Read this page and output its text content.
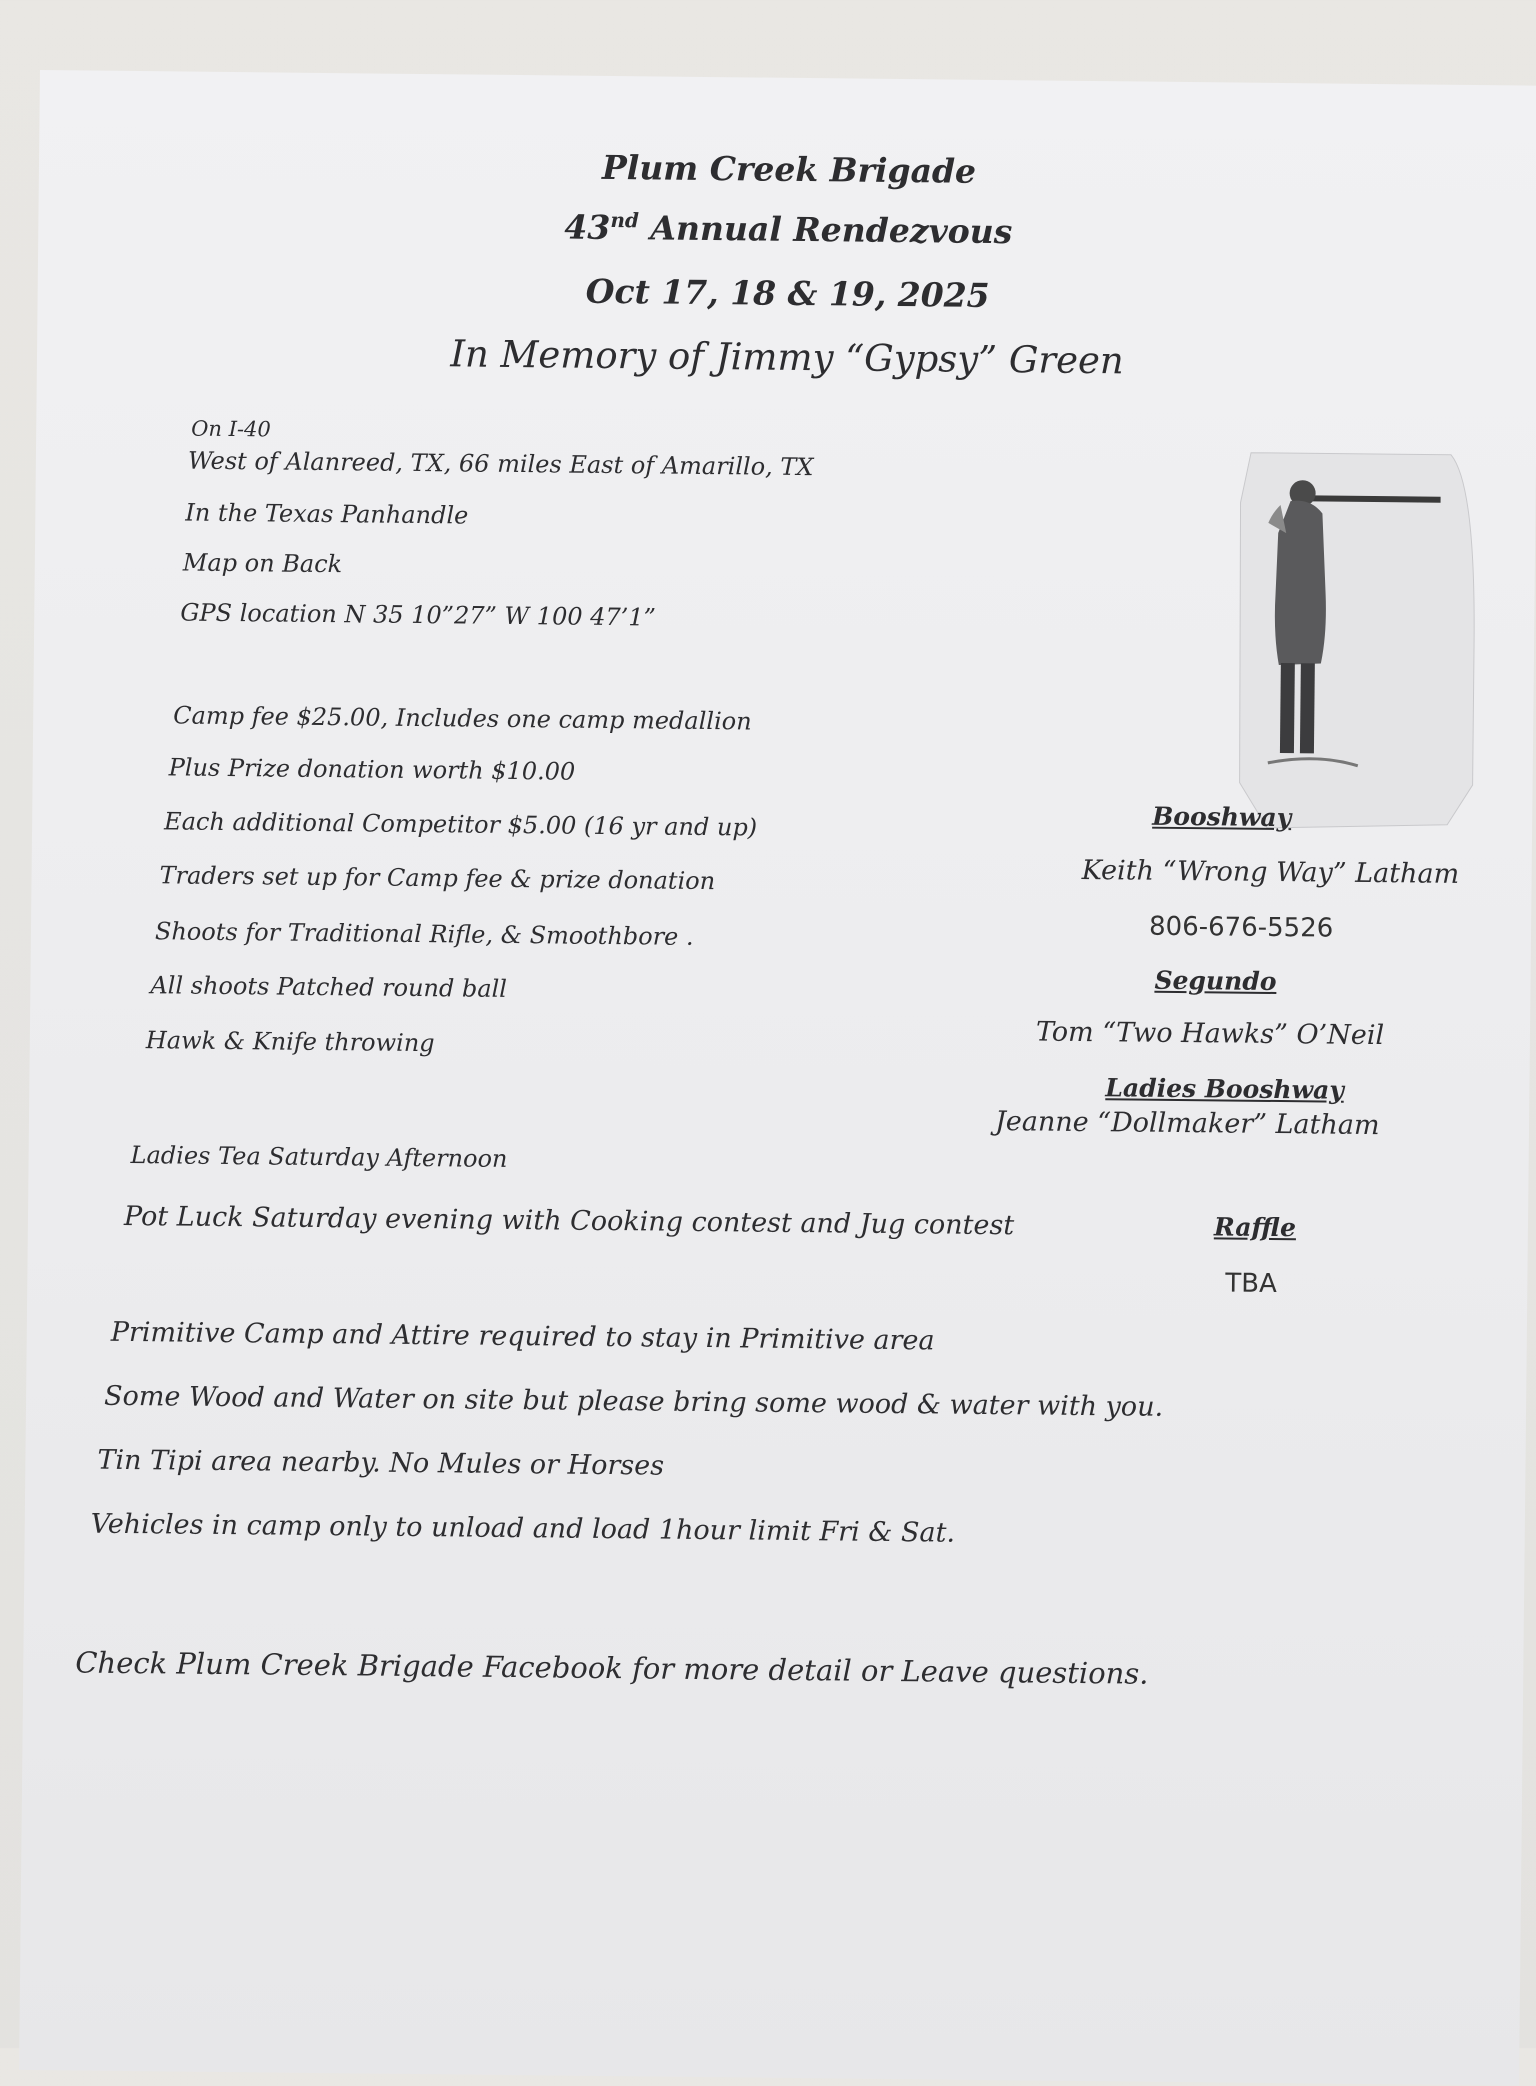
Plum Creek Brigade
43nd Annual Rendezvous
Oct 17, 18 & 19, 2025
In Memory of Jimmy “Gypsy” Green
On I-40
West of Alanreed, TX, 66 miles East of Amarillo, TX
In the Texas Panhandle
Map on Back
GPS location N 35 10”27” W 100 47’1”
Camp fee $25.00, Includes one camp medallion
Plus Prize donation worth $10.00
Each additional Competitor $5.00 (16 yr and up)
Traders set up for Camp fee & prize donation
Shoots for Traditional Rifle, & Smoothbore .
All shoots Patched round ball
Hawk & Knife throwing
Booshway
Keith “Wrong Way” Latham
806-676-5526
Segundo
Tom “Two Hawks” O’Neil
Ladies Booshway
Jeanne “Dollmaker” Latham
Ladies Tea Saturday Afternoon
Pot Luck Saturday evening with Cooking contest and Jug contest	Raffle
TBA
Primitive Camp and Attire required to stay in Primitive area
Some Wood and Water on site but please bring some wood & water with you.
Tin Tipi area nearby. No Mules or Horses
Vehicles in camp only to unload and load 1hour limit Fri & Sat.
Check Plum Creek Brigade Facebook for more detail or Leave questions.
